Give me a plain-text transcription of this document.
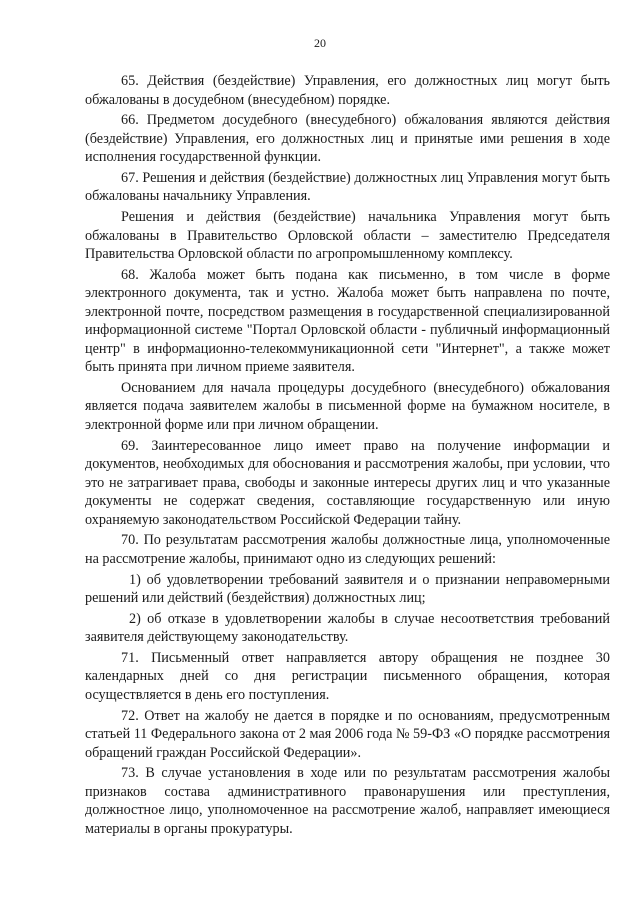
20

65. Действия (бездействие) Управления, его должностных лиц могут быть обжалованы в досудебном (внесудебном) порядке.

66. Предметом досудебного (внесудебного) обжалования являются действия (бездействие) Управления, его должностных лиц и принятые ими решения в ходе исполнения государственной функции.

67. Решения и действия (бездействие) должностных лиц Управления могут быть обжалованы начальнику Управления.

Решения и действия (бездействие) начальника Управления могут быть обжалованы в Правительство Орловской области – заместителю Председателя Правительства Орловской области по агропромышленному комплексу.

68. Жалоба может быть подана как письменно, в том числе в форме электронного документа, так и устно. Жалоба может быть направлена по почте, электронной почте, посредством размещения в государственной специализированной информационной системе "Портал Орловской области - публичный информационный центр" в информационно-телекоммуникационной сети "Интернет", а также может быть принята при личном приеме заявителя.

Основанием для начала процедуры досудебного (внесудебного) обжалования является подача заявителем жалобы в письменной форме на бумажном носителе, в электронной форме или при личном обращении.

69. Заинтересованное лицо имеет право на получение информации и документов, необходимых для обоснования и рассмотрения жалобы, при условии, что это не затрагивает права, свободы и законные интересы других лиц и что указанные документы не содержат сведения, составляющие государственную или иную охраняемую законодательством Российской Федерации тайну.

70. По результатам рассмотрения жалобы должностные лица, уполномоченные на рассмотрение жалобы, принимают одно из следующих решений:

1) об удовлетворении требований заявителя и о признании неправомерными решений или действий (бездействия) должностных лиц;

2) об отказе в удовлетворении жалобы в случае несоответствия требований заявителя действующему законодательству.

71. Письменный ответ направляется автору обращения не позднее 30 календарных дней со дня регистрации письменного обращения, которая осуществляется в день его поступления.

72. Ответ на жалобу не дается в порядке и по основаниям, предусмотренным статьей 11 Федерального закона от 2 мая 2006 года № 59-ФЗ «О порядке рассмотрения обращений граждан Российской Федерации».

73. В случае установления в ходе или по результатам рассмотрения жалобы признаков состава административного правонарушения или преступления, должностное лицо, уполномоченное на рассмотрение жалоб, направляет имеющиеся материалы в органы прокуратуры.
